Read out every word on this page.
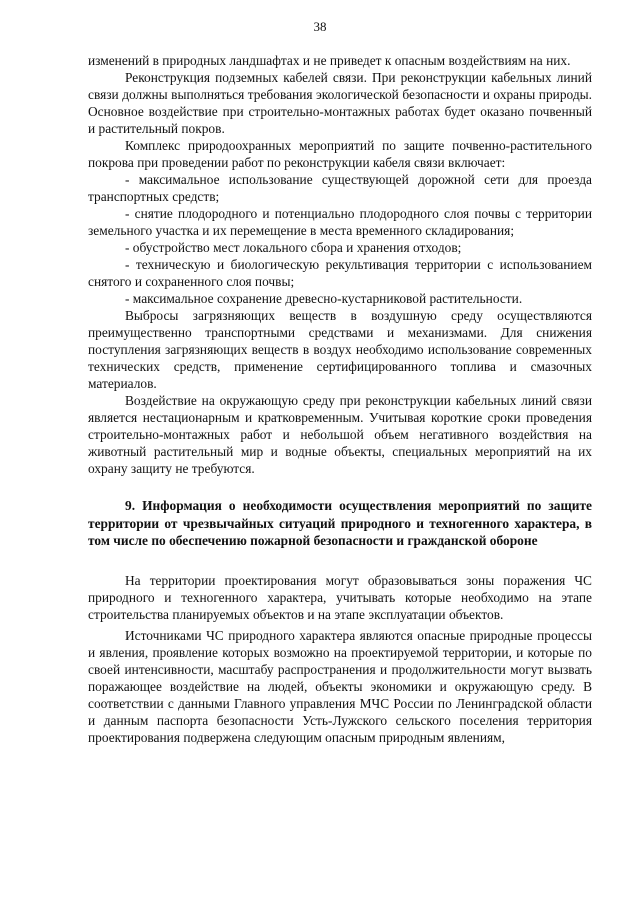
38

изменений в природных ландшафтах и не приведет к опасным воздействиям на них.

Реконструкция подземных кабелей связи. При реконструкции кабельных линий связи должны выполняться требования экологической безопасности и охраны природы. Основное воздействие при строительно-монтажных работах будет оказано почвенный и растительный покров.

Комплекс природоохранных мероприятий по защите почвенно-растительного покрова при проведении работ по реконструкции кабеля связи включает:

- максимальное использование существующей дорожной сети для проезда транспортных средств;

- снятие плодородного и потенциально плодородного слоя почвы с территории земельного участка и их перемещение в места временного складирования;

- обустройство мест локального сбора и хранения отходов;

- техническую и биологическую рекультивация территории с использованием снятого и сохраненного слоя почвы;

- максимальное сохранение древесно-кустарниковой растительности.

Выбросы загрязняющих веществ в воздушную среду осуществляются преимущественно транспортными средствами и механизмами. Для снижения поступления загрязняющих веществ в воздух необходимо использование современных технических средств, применение сертифицированного топлива и смазочных материалов.

Воздействие на окружающую среду при реконструкции кабельных линий связи является нестационарным и кратковременным. Учитывая короткие сроки проведения строительно-монтажных работ и небольшой объем негативного воздействия на животный растительный мир и водные объекты, специальных мероприятий на их охрану защиту не требуются.

9. Информация о необходимости осуществления мероприятий по защите территории от чрезвычайных ситуаций природного и техногенного характера, в том числе по обеспечению пожарной безопасности и гражданской обороне

На территории проектирования могут образовываться зоны поражения ЧС природного и техногенного характера, учитывать которые необходимо на этапе строительства планируемых объектов и на этапе эксплуатации объектов.

Источниками ЧС природного характера являются опасные природные процессы и явления, проявление которых возможно на проектируемой территории, и которые по своей интенсивности, масштабу распространения и продолжительности могут вызвать поражающее воздействие на людей, объекты экономики и окружающую среду. В соответствии с данными Главного управления МЧС России по Ленинградской области и данным паспорта безопасности Усть-Лужского сельского поселения территория проектирования подвержена следующим опасным природным явлениям,
